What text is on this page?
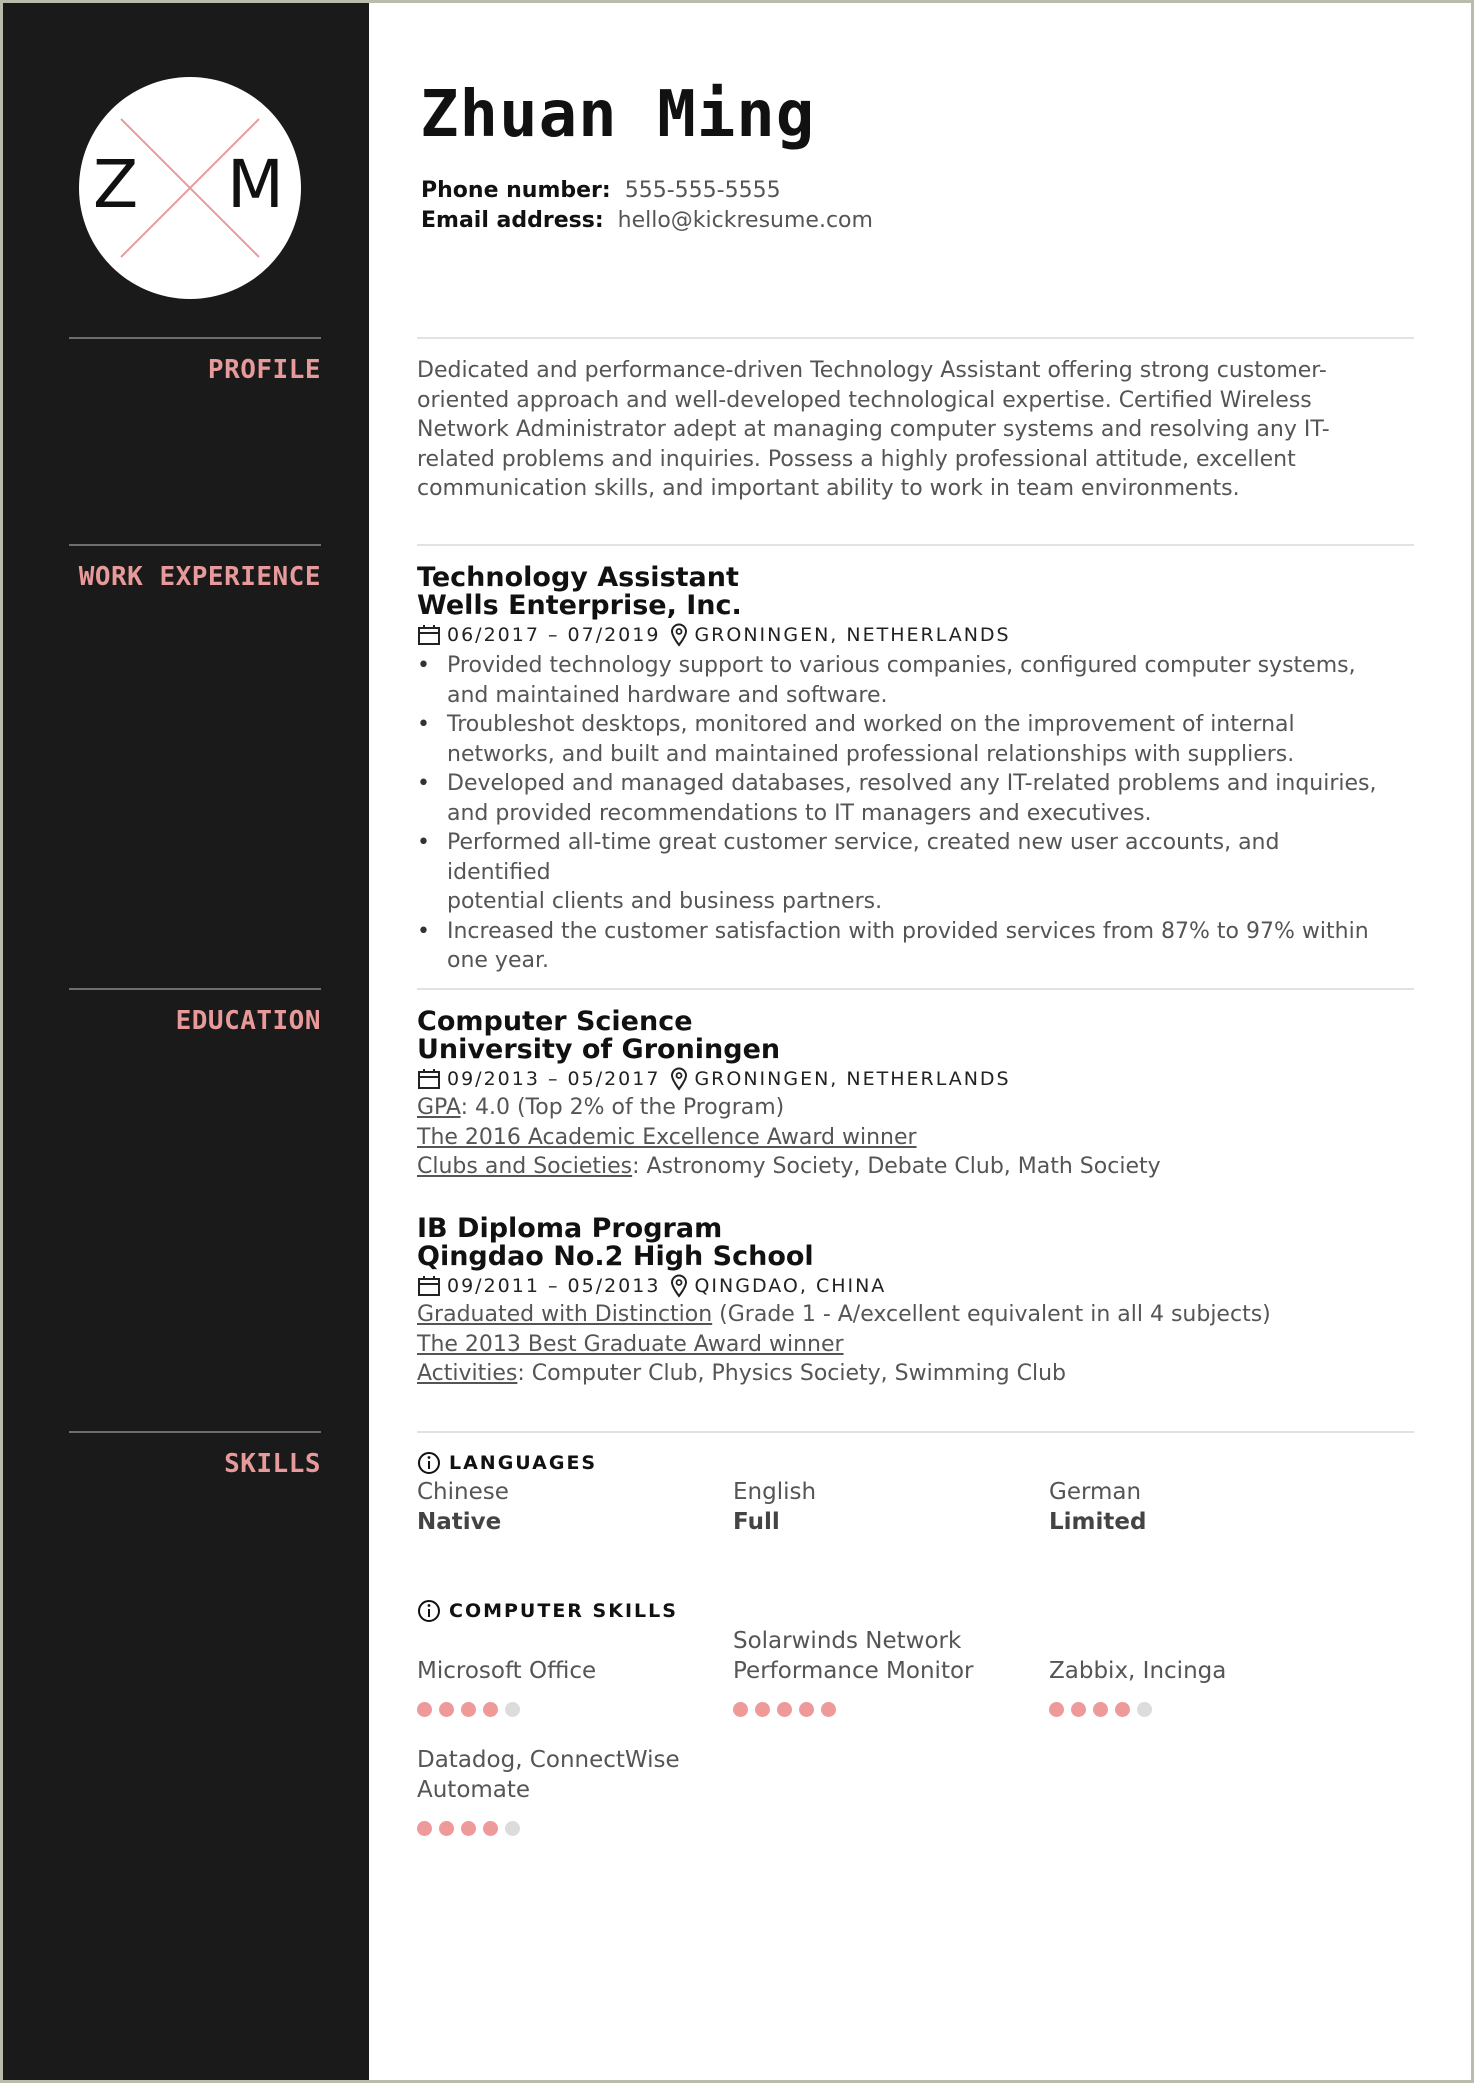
Z M
PROFILE
WORK EXPERIENCE
EDUCATION
SKILLS
Zhuan Ming
Phone number: 555-555-5555
Email address: hello@kickresume.com
Dedicated and performance-driven Technology Assistant offering strong customer-
oriented approach and well-developed technological expertise. Certified Wireless
Network Administrator adept at managing computer systems and resolving any IT-
related problems and inquiries. Possess a highly professional attitude, excellent
communication skills, and important ability to work in team environments.
Technology Assistant
Wells Enterprise, Inc.
06/2017 – 07/2019 GRONINGEN, NETHERLANDS
• Provided technology support to various companies, configured computer systems,
and maintained hardware and software.
• Troubleshot desktops, monitored and worked on the improvement of internal
networks, and built and maintained professional relationships with suppliers.
• Developed and managed databases, resolved any IT-related problems and inquiries,
and provided recommendations to IT managers and executives.
• Performed all-time great customer service, created new user accounts, and identified
potential clients and business partners.
• Increased the customer satisfaction with provided services from 87% to 97% within
one year.
Computer Science
University of Groningen
09/2013 – 05/2017 GRONINGEN, NETHERLANDS
GPA: 4.0 (Top 2% of the Program)
The 2016 Academic Excellence Award winner
Clubs and Societies: Astronomy Society, Debate Club, Math Society
IB Diploma Program
Qingdao No.2 High School
09/2011 – 05/2013 QINGDAO, CHINA
Graduated with Distinction (Grade 1 - A/excellent equivalent in all 4 subjects)
The 2013 Best Graduate Award winner
Activities: Computer Club, Physics Society, Swimming Club
LANGUAGES
Chinese
Native
English
Full
German
Limited
COMPUTER SKILLS
Microsoft Office
Solarwinds Network Performance Monitor	Zabbix, Incinga
Datadog, ConnectWise Automate
